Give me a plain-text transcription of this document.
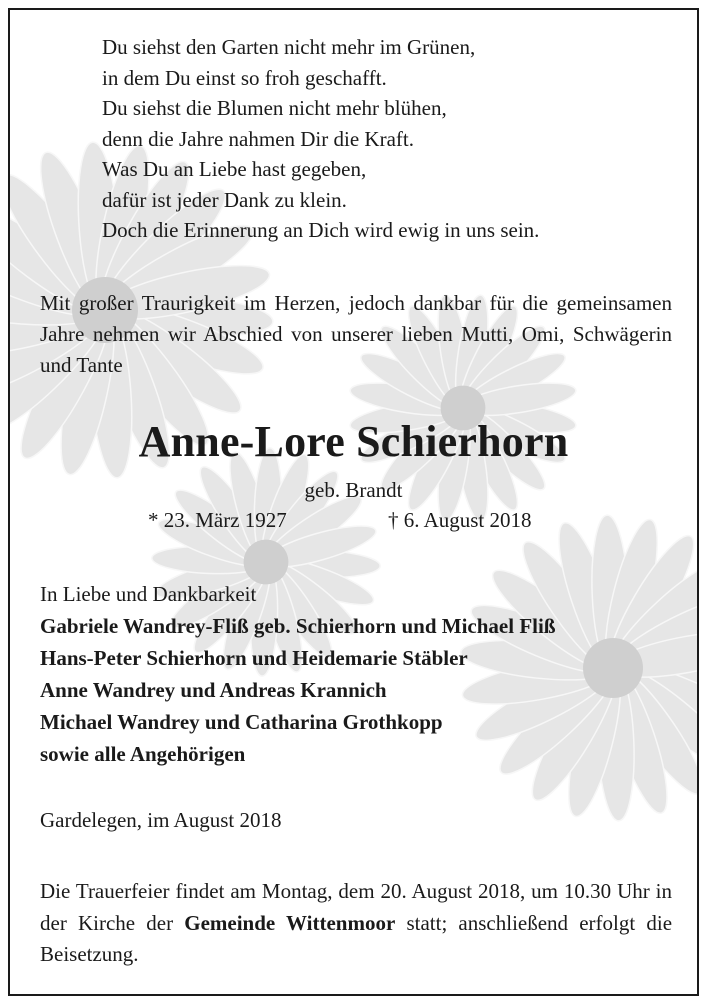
Du siehst den Garten nicht mehr im Grünen,
in dem Du einst so froh geschafft.
Du siehst die Blumen nicht mehr blühen,
denn die Jahre nahmen Dir die Kraft.
Was Du an Liebe hast gegeben,
dafür ist jeder Dank zu klein.
Doch die Erinnerung an Dich wird ewig in uns sein.
Mit großer Traurigkeit im Herzen, jedoch dankbar für die gemeinsamen Jahre nehmen wir Abschied von unserer lieben Mutti, Omi, Schwägerin und Tante
Anne-Lore Schierhorn
geb. Brandt
* 23. März 1927	† 6. August 2018
In Liebe und Dankbarkeit
Gabriele Wandrey-Fliß geb. Schierhorn und Michael Fliß
Hans-Peter Schierhorn und Heidemarie Stäbler
Anne Wandrey und Andreas Krannich
Michael Wandrey und Catharina Grothkopp
sowie alle Angehörigen
Gardelegen, im August 2018
Die Trauerfeier findet am Montag, dem 20. August 2018, um 10.30 Uhr in der Kirche der Gemeinde Wittenmoor statt; anschließend erfolgt die Beisetzung.
